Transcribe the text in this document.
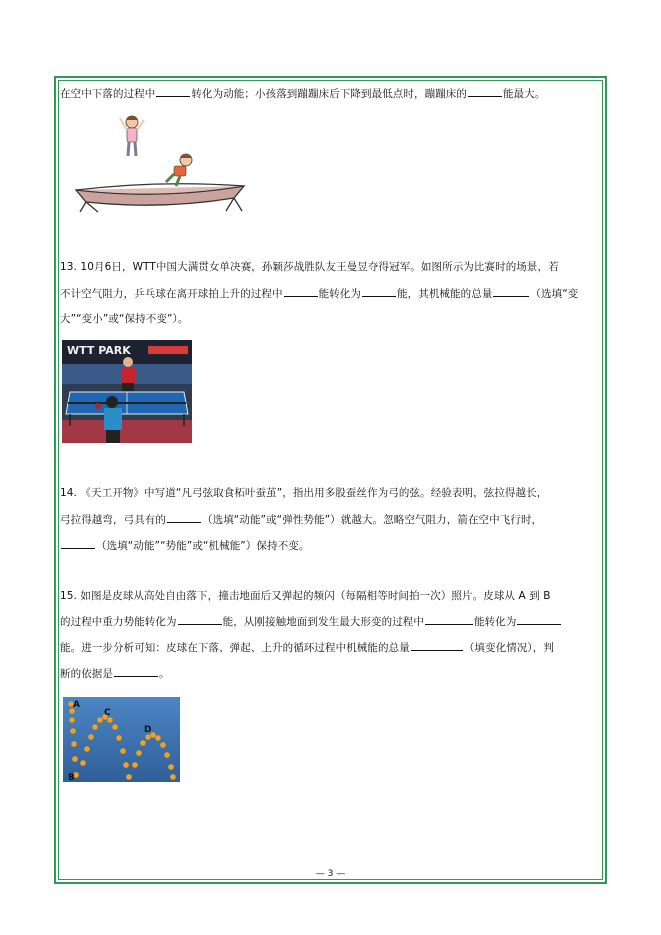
在空中下落的过程中	转化为动能；小孩落到蹦蹦床后下降到最低点时，蹦蹦床的	能最大。
13. 10月6日，WTT中国大满贯女单决赛，孙颖莎战胜队友王曼昱夺得冠军。如图所示为比赛时的场景，若
不计空气阻力，乒乓球在离开球拍上升的过程中	能转化为	能，其机械能的总量	（选填“变
大”“变小”或“保持不变”）。
WTT PARK
14. 《天工开物》中写道“凡弓弦取食柘叶蚕茧”，指出用多股蚕丝作为弓的弦。经验表明，弦拉得越长，
弓拉得越弯，弓具有的	（选填“动能”或“弹性势能”）就越大。忽略空气阻力，箭在空中飞行时，
（选填“动能”“势能”或“机械能”）保持不变。
15. 如图是皮球从高处自由落下，撞击地面后又弹起的频闪（每隔相等时间拍一次）照片。皮球从 A 到 B
的过程中重力势能转化为	能，从刚接触地面到发生最大形变的过程中	能转化为
能。进一步分析可知：皮球在下落、弹起、上升的循环过程中机械能的总量	（填变化情况），判
断的依据是	。
A
B
C
D
— 3 —
